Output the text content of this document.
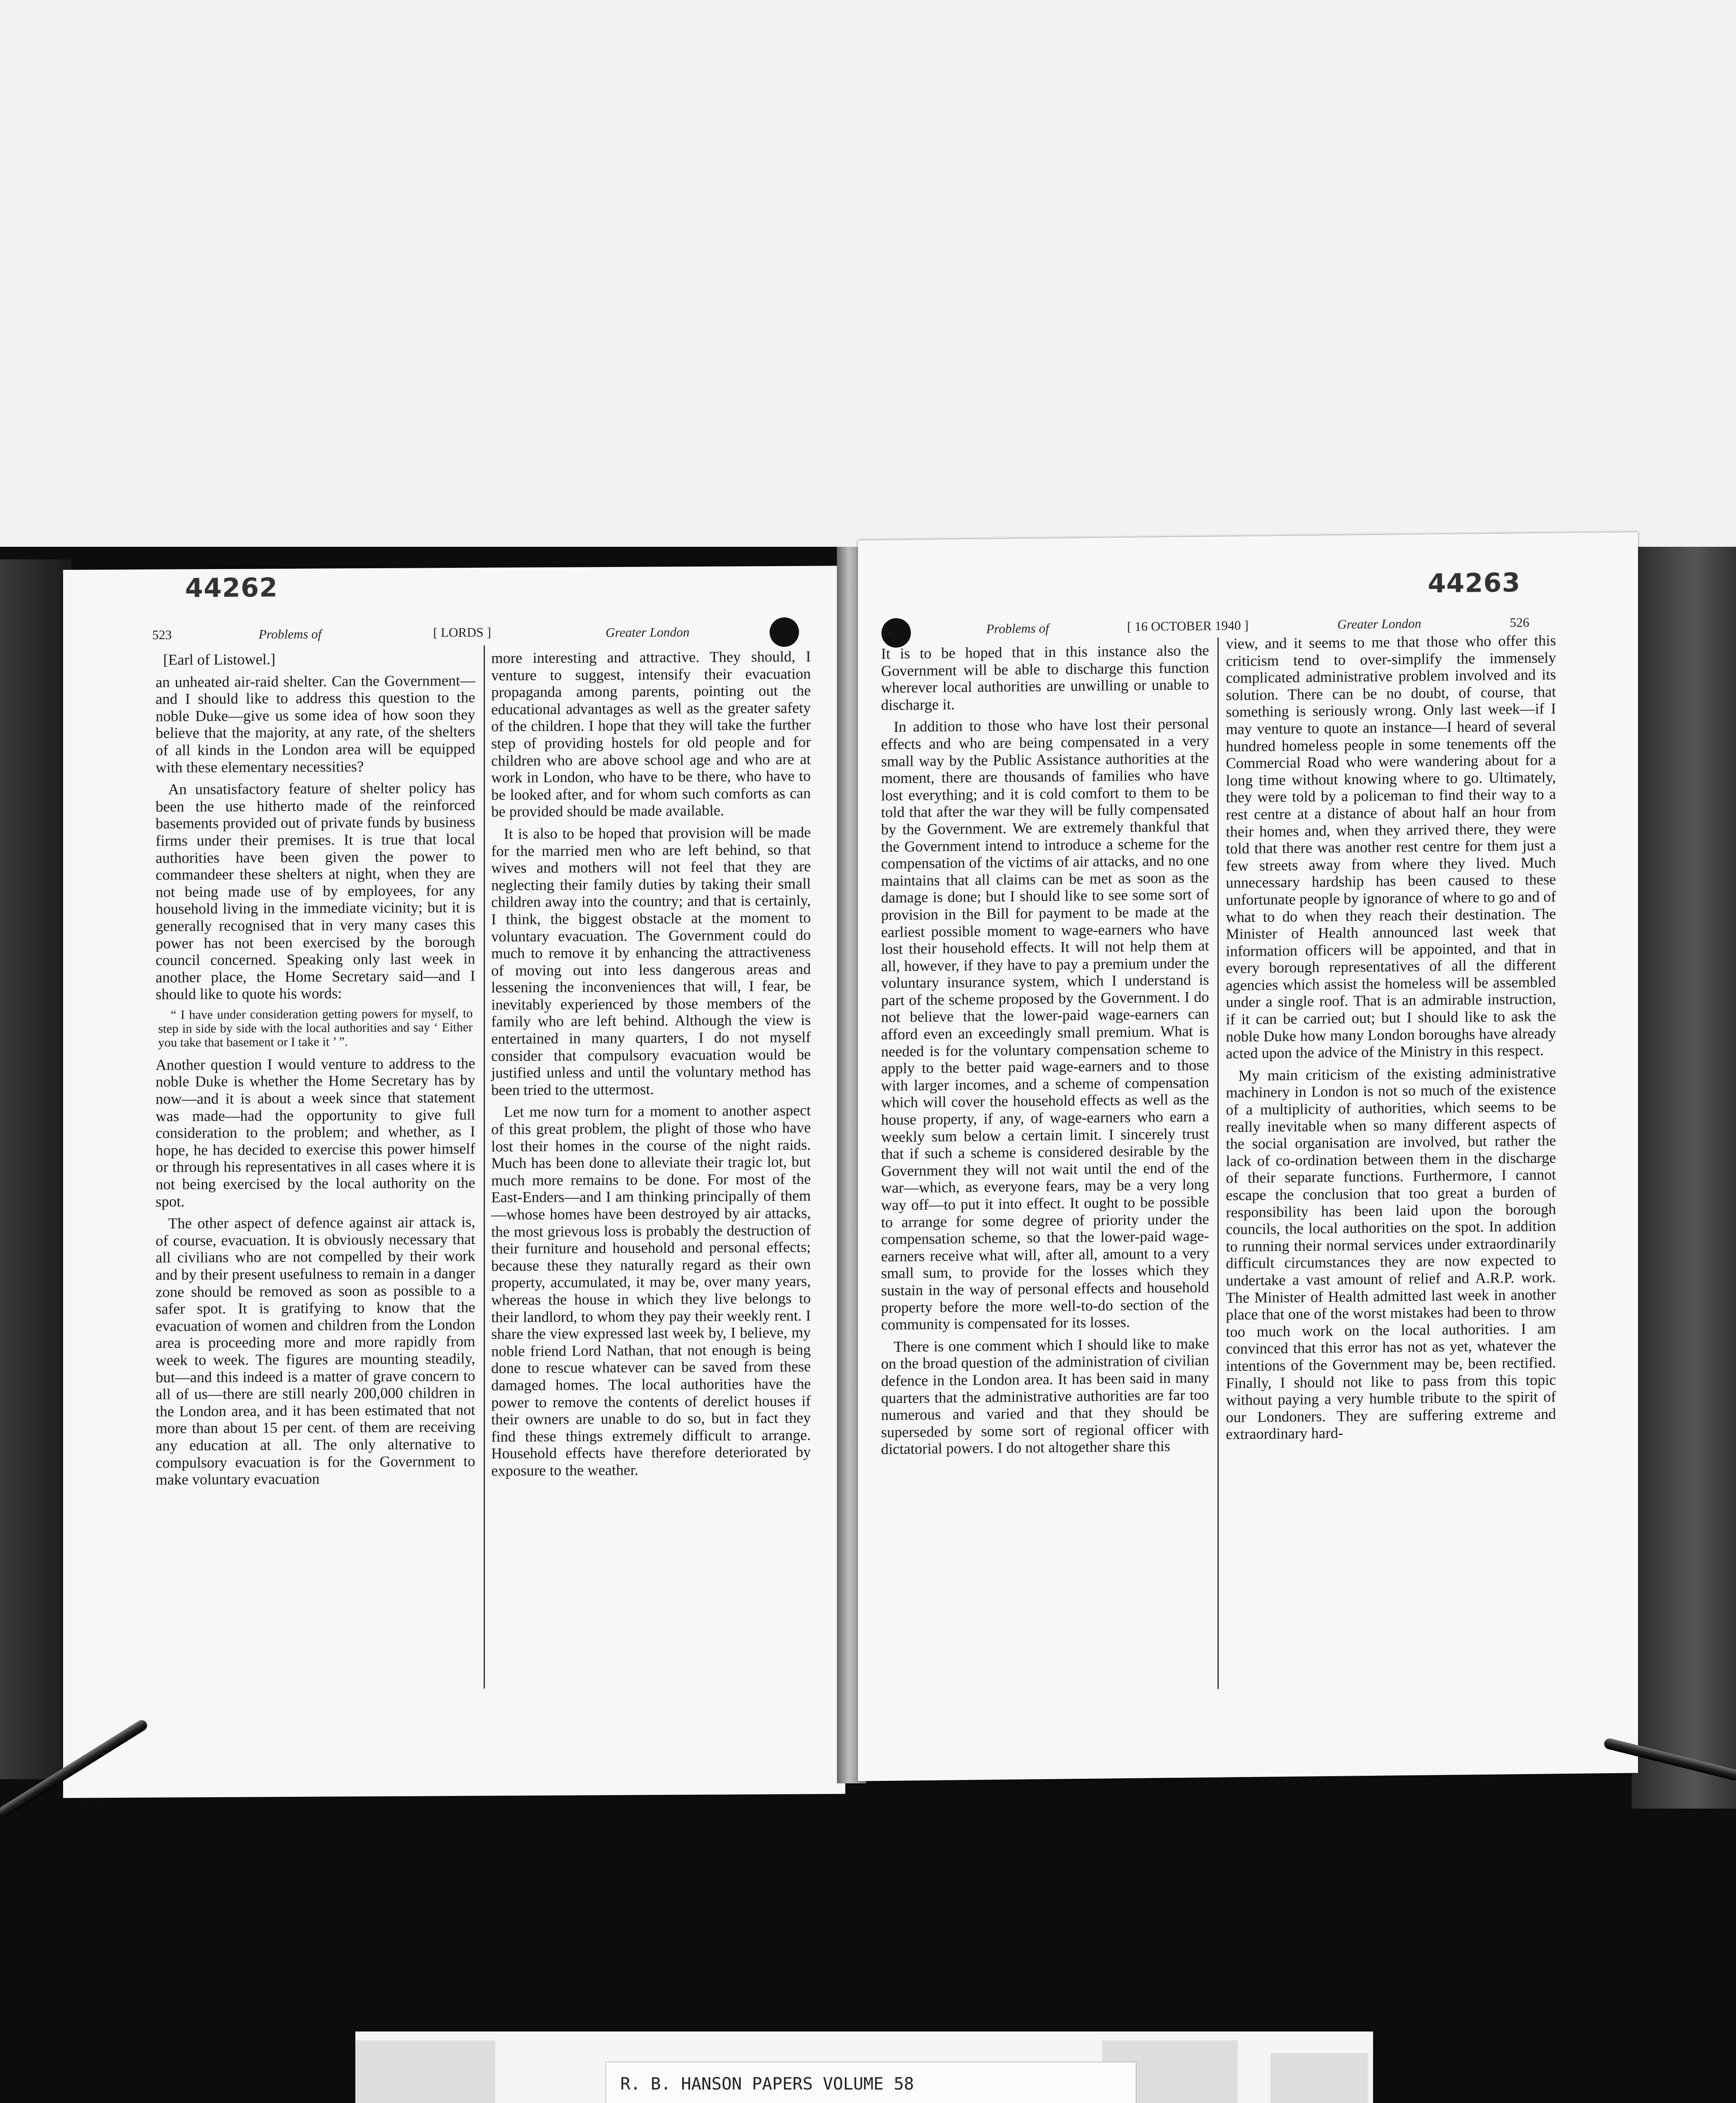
44262
523	Problems of	[ LORDS ]	Greater London

[Earl of Listowel.]

an unheated air-raid shelter. Can the Government—and I should like to address this question to the noble Duke—give us some idea of how soon they believe that the majority, at any rate, of the shelters of all kinds in the London area will be equipped with these elementary necessities?

An unsatisfactory feature of shelter policy has been the use hitherto made of the reinforced basements provided out of private funds by business firms under their premises. It is true that local authorities have been given the power to commandeer these shelters at night, when they are not being made use of by employees, for any household living in the immediate vicinity; but it is generally recognised that in very many cases this power has not been exercised by the borough council concerned. Speaking only last week in another place, the Home Secretary said—and I should like to quote his words:

“ I have under consideration getting powers for myself, to step in side by side with the local authorities and say ‘ Either you take that basement or I take it ’ ”.

Another question I would venture to address to the noble Duke is whether the Home Secretary has by now—and it is about a week since that statement was made—had the opportunity to give full consideration to the problem; and whether, as I hope, he has decided to exercise this power himself or through his representatives in all cases where it is not being exercised by the local authority on the spot.

The other aspect of defence against air attack is, of course, evacuation. It is obviously necessary that all civilians who are not compelled by their work and by their present usefulness to remain in a danger zone should be removed as soon as possible to a safer spot. It is gratifying to know that the evacuation of women and children from the London area is proceeding more and more rapidly from week to week. The figures are mounting steadily, but—and this indeed is a matter of grave concern to all of us—there are still nearly 200,000 children in the London area, and it has been estimated that not more than about 15 per cent. of them are receiving any education at all. The only alternative to compulsory evacuation is for the Government to make voluntary evacuation

more interesting and attractive. They should, I venture to suggest, intensify their evacuation propaganda among parents, pointing out the educational advantages as well as the greater safety of the children. I hope that they will take the further step of providing hostels for old people and for children who are above school age and who are at work in London, who have to be there, who have to be looked after, and for whom such comforts as can be provided should be made available.

It is also to be hoped that provision will be made for the married men who are left behind, so that wives and mothers will not feel that they are neglecting their family duties by taking their small children away into the country; and that is certainly, I think, the biggest obstacle at the moment to voluntary evacuation. The Government could do much to remove it by enhancing the attractiveness of moving out into less dangerous areas and lessening the inconveniences that will, I fear, be inevitably experienced by those members of the family who are left behind. Although the view is entertained in many quarters, I do not myself consider that compulsory evacuation would be justified unless and until the voluntary method has been tried to the uttermost.

Let me now turn for a moment to another aspect of this great problem, the plight of those who have lost their homes in the course of the night raids. Much has been done to alleviate their tragic lot, but much more remains to be done. For most of the East-Enders—and I am thinking principally of them—whose homes have been destroyed by air attacks, the most grievous loss is probably the destruction of their furniture and household and personal effects; because these they naturally regard as their own property, accumulated, it may be, over many years, whereas the house in which they live belongs to their landlord, to whom they pay their weekly rent. I share the view expressed last week by, I believe, my noble friend Lord Nathan, that not enough is being done to rescue whatever can be saved from these damaged homes. The local authorities have the power to remove the contents of derelict houses if their owners are unable to do so, but in fact they find these things extremely difficult to arrange. Household effects have therefore deteriorated by exposure to the weather.

44263
5	Problems of	[ 16 OCTOBER 1940 ]	Greater London	526

It is to be hoped that in this instance also the Government will be able to discharge this function wherever local authorities are unwilling or unable to discharge it.

In addition to those who have lost their personal effects and who are being compensated in a very small way by the Public Assistance authorities at the moment, there are thousands of families who have lost everything; and it is cold comfort to them to be told that after the war they will be fully compensated by the Government. We are extremely thankful that the Government intend to introduce a scheme for the compensation of the victims of air attacks, and no one maintains that all claims can be met as soon as the damage is done; but I should like to see some sort of provision in the Bill for payment to be made at the earliest possible moment to wage-earners who have lost their household effects. It will not help them at all, however, if they have to pay a premium under the voluntary insurance system, which I understand is part of the scheme proposed by the Government. I do not believe that the lower-paid wage-earners can afford even an exceedingly small premium. What is needed is for the voluntary compensation scheme to apply to the better paid wage-earners and to those with larger incomes, and a scheme of compensation which will cover the household effects as well as the house property, if any, of wage-earners who earn a weekly sum below a certain limit. I sincerely trust that if such a scheme is considered desirable by the Government they will not wait until the end of the war—which, as everyone fears, may be a very long way off—to put it into effect. It ought to be possible to arrange for some degree of priority under the compensation scheme, so that the lower-paid wage-earners receive what will, after all, amount to a very small sum, to provide for the losses which they sustain in the way of personal effects and household property before the more well-to-do section of the community is compensated for its losses.

There is one comment which I should like to make on the broad question of the administration of civilian defence in the London area. It has been said in many quarters that the administrative authorities are far too numerous and varied and that they should be superseded by some sort of regional officer with dictatorial powers. I do not altogether share this

view, and it seems to me that those who offer this criticism tend to over-simplify the immensely complicated administrative problem involved and its solution. There can be no doubt, of course, that something is seriously wrong. Only last week—if I may venture to quote an instance—I heard of several hundred homeless people in some tenements off the Commercial Road who were wandering about for a long time without knowing where to go. Ultimately, they were told by a policeman to find their way to a rest centre at a distance of about half an hour from their homes and, when they arrived there, they were told that there was another rest centre for them just a few streets away from where they lived. Much unnecessary hardship has been caused to these unfortunate people by ignorance of where to go and of what to do when they reach their destination. The Minister of Health announced last week that information officers will be appointed, and that in every borough representatives of all the different agencies which assist the homeless will be assembled under a single roof. That is an admirable instruction, if it can be carried out; but I should like to ask the noble Duke how many London boroughs have already acted upon the advice of the Ministry in this respect.

My main criticism of the existing administrative machinery in London is not so much of the existence of a multiplicity of authorities, which seems to be really inevitable when so many different aspects of the social organisation are involved, but rather the lack of co-ordination between them in the discharge of their separate functions. Furthermore, I cannot escape the conclusion that too great a burden of responsibility has been laid upon the borough councils, the local authorities on the spot. In addition to running their normal services under extraordinarily difficult circumstances they are now expected to undertake a vast amount of relief and A.R.P. work. The Minister of Health admitted last week in another place that one of the worst mistakes had been to throw too much work on the local authorities. I am convinced that this error has not as yet, whatever the intentions of the Government may be, been rectified. Finally, I should not like to pass from this topic without paying a very humble tribute to the spirit of our Londoners. They are suffering extreme and extraordinary hard-

R. B. HANSON PAPERS VOLUME 58
